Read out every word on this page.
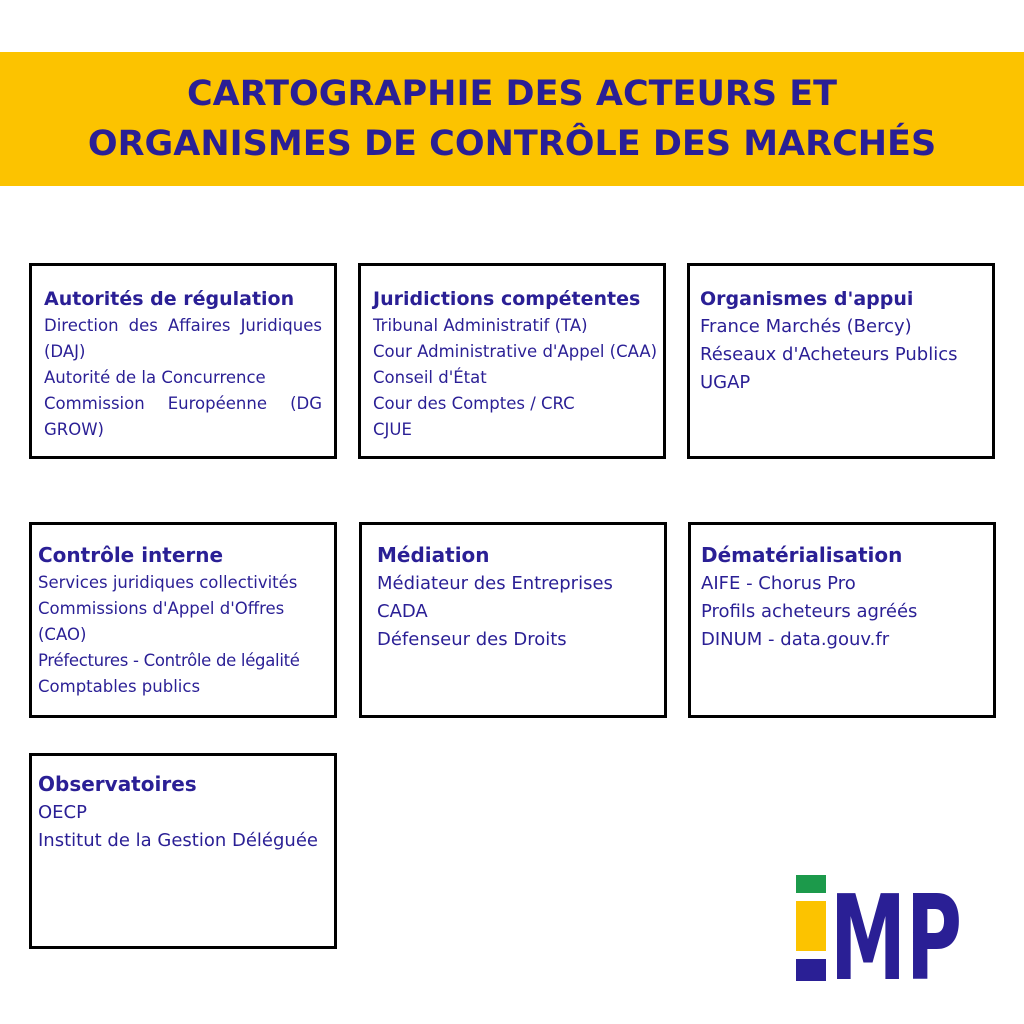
CARTOGRAPHIE DES ACTEURS ET
ORGANISMES DE CONTRÔLE DES MARCHÉS
Autorités de régulation
Direction des Affaires Juridiques (DAJ)
Autorité de la Concurrence
Commission Européenne (DG GROW)
Juridictions compétentes
Tribunal Administratif (TA)
Cour Administrative d'Appel (CAA)
Conseil d'État
Cour des Comptes / CRC
CJUE
Organismes d'appui
France Marchés (Bercy)
Réseaux d'Acheteurs Publics
UGAP
Contrôle interne
Services juridiques collectivités
Commissions d'Appel d'Offres (CAO)
Préfectures - Contrôle de légalité
Comptables publics
Médiation
Médiateur des Entreprises
CADA
Défenseur des Droits
Dématérialisation
AIFE - Chorus Pro
Profils acheteurs agréés
DINUM - data.gouv.fr
Observatoires
OECP
Institut de la Gestion Déléguée
MP
